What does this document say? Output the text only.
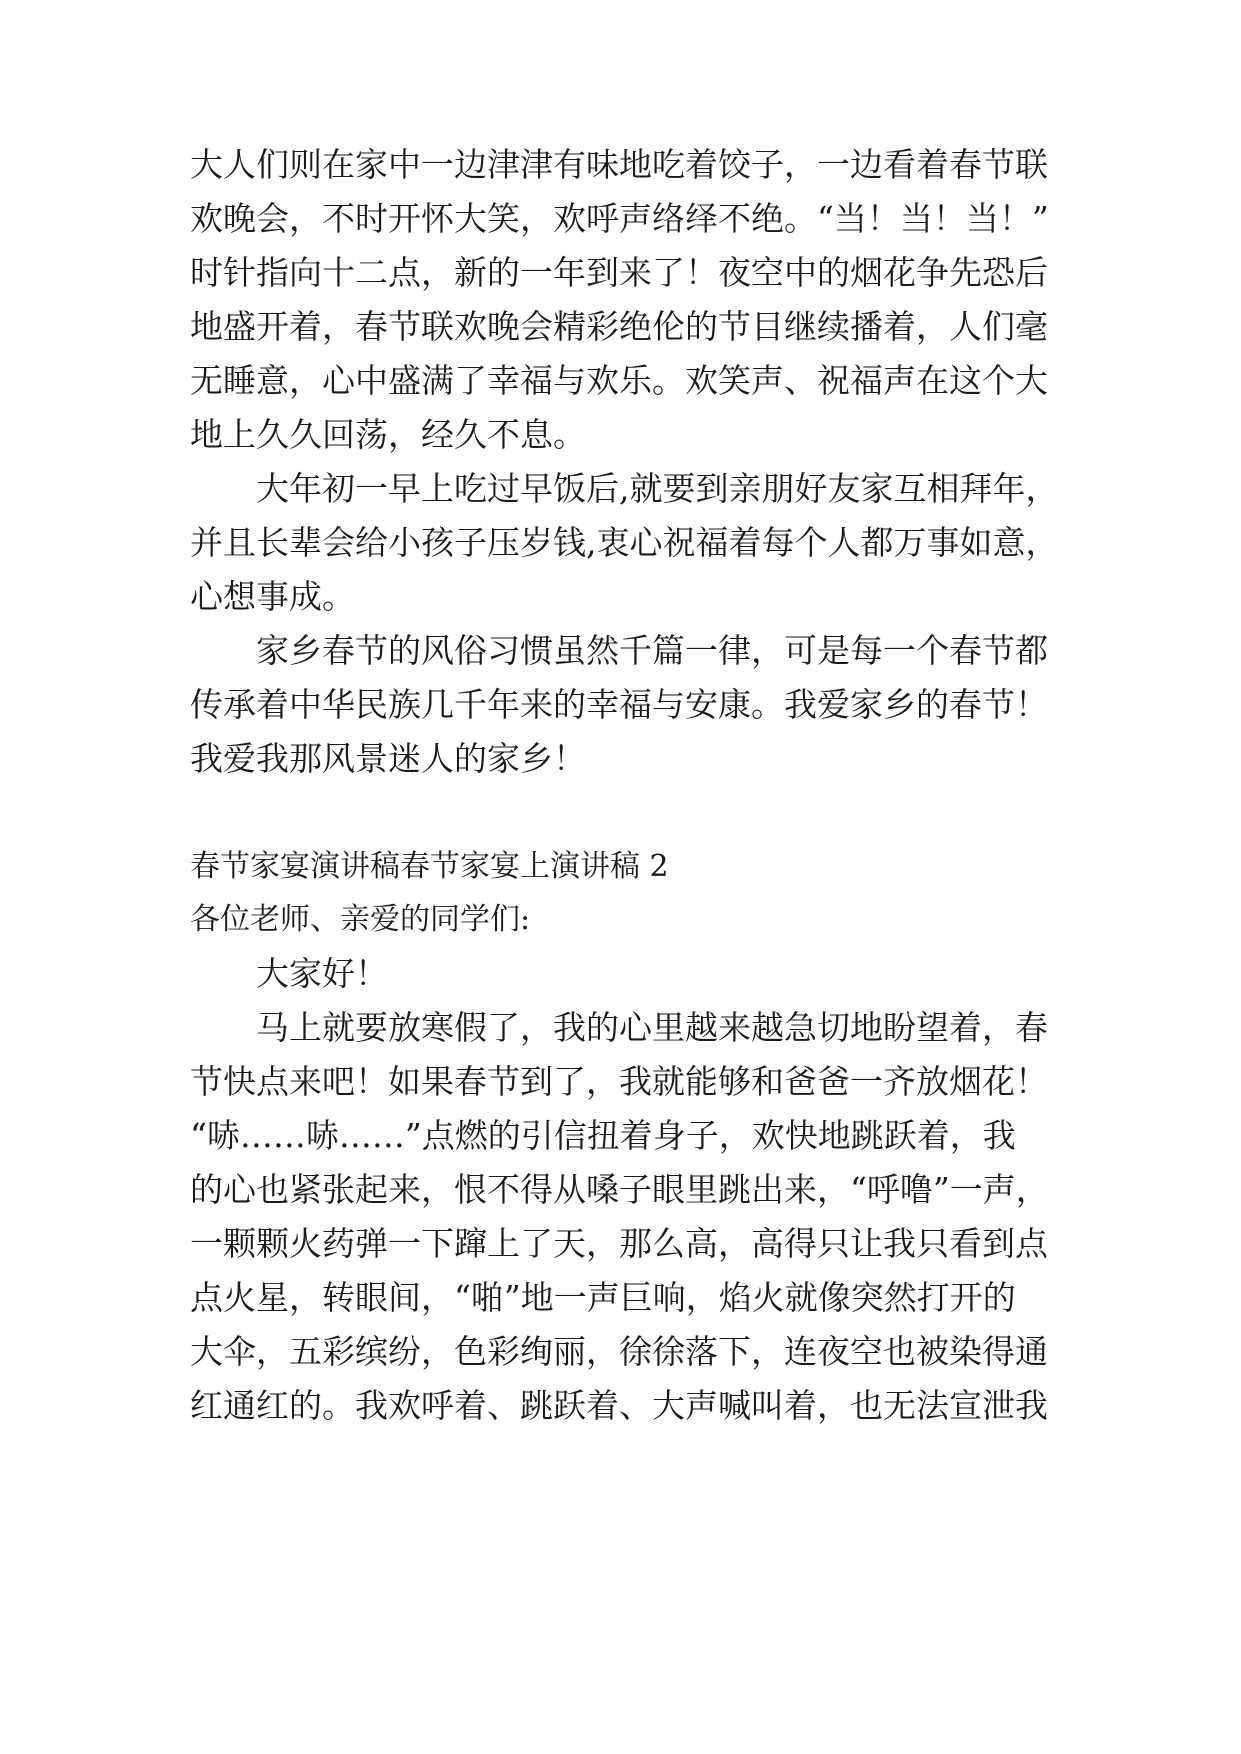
大人们则在家中一边津津有味地吃着饺子，一边看着春节联
欢晚会，不时开怀大笑，欢呼声络绎不绝。“当！当！当！”
时针指向十二点，新的一年到来了！夜空中的烟花争先恐后
地盛开着，春节联欢晚会精彩绝伦的节目继续播着，人们毫
无睡意，心中盛满了幸福与欢乐。欢笑声、祝福声在这个大
地上久久回荡，经久不息。
大年初一早上吃过早饭后,就要到亲朋好友家互相拜年，
并且长辈会给小孩子压岁钱,衷心祝福着每个人都万事如意，
心想事成。
家乡春节的风俗习惯虽然千篇一律，可是每一个春节都
传承着中华民族几千年来的幸福与安康。我爱家乡的春节！
我爱我那风景迷人的家乡！
春节家宴演讲稿春节家宴上演讲稿 2
各位老师、亲爱的同学们:
大家好！
马上就要放寒假了，我的心里越来越急切地盼望着，春
节快点来吧！如果春节到了，我就能够和爸爸一齐放烟花！
“哧……哧……”点燃的引信扭着身子，欢快地跳跃着，我
的心也紧张起来，恨不得从嗓子眼里跳出来，“呼噜”一声，
一颗颗火药弹一下蹿上了天，那么高，高得只让我只看到点
点火星，转眼间，“啪”地一声巨响，焰火就像突然打开的
大伞，五彩缤纷，色彩绚丽，徐徐落下，连夜空也被染得通
红通红的。我欢呼着、跳跃着、大声喊叫着，也无法宣泄我
